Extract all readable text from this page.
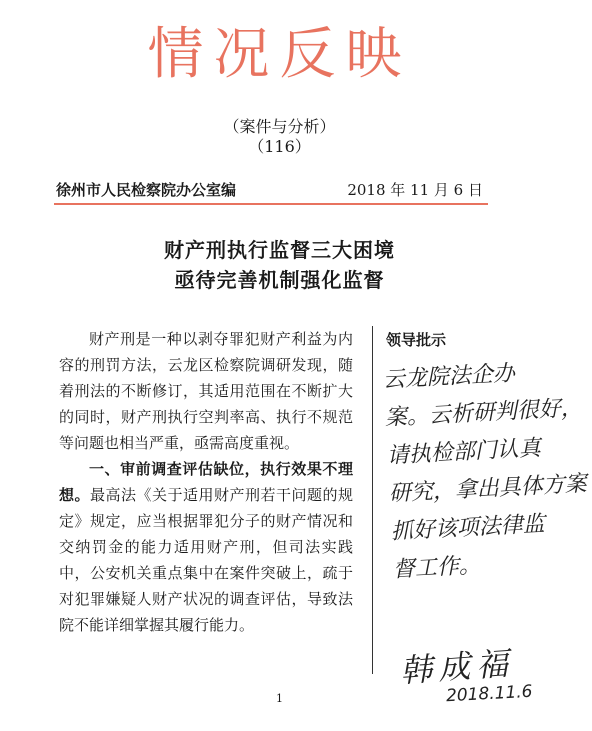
情况反映
（案件与分析）
（116）
徐州市人民检察院办公室编	2018 年 11 月 6 日
财产刑执行监督三大困境
亟待完善机制强化监督

财产刑是一种以剥夺罪犯财产利益为内容的刑罚方法，云龙区检察院调研发现，随着刑法的不断修订，其适用范围在不断扩大的同时，财产刑执行空判率高、执行不规范等问题也相当严重，亟需高度重视。

一、审前调查评估缺位，执行效果不理想。最高法《关于适用财产刑若干问题的规定》规定，应当根据罪犯分子的财产情况和交纳罚金的能力适用财产刑，但司法实践中，公安机关重点集中在案件突破上，疏于对犯罪嫌疑人财产状况的调查评估，导致法院不能详细掌握其履行能力。

领导批示
云龙院法企办
案。云析研判很好，
请执检部门认真
研究，拿出具体方案
抓好该项法律监
督工作。
韩成福
2018.11.6
1
